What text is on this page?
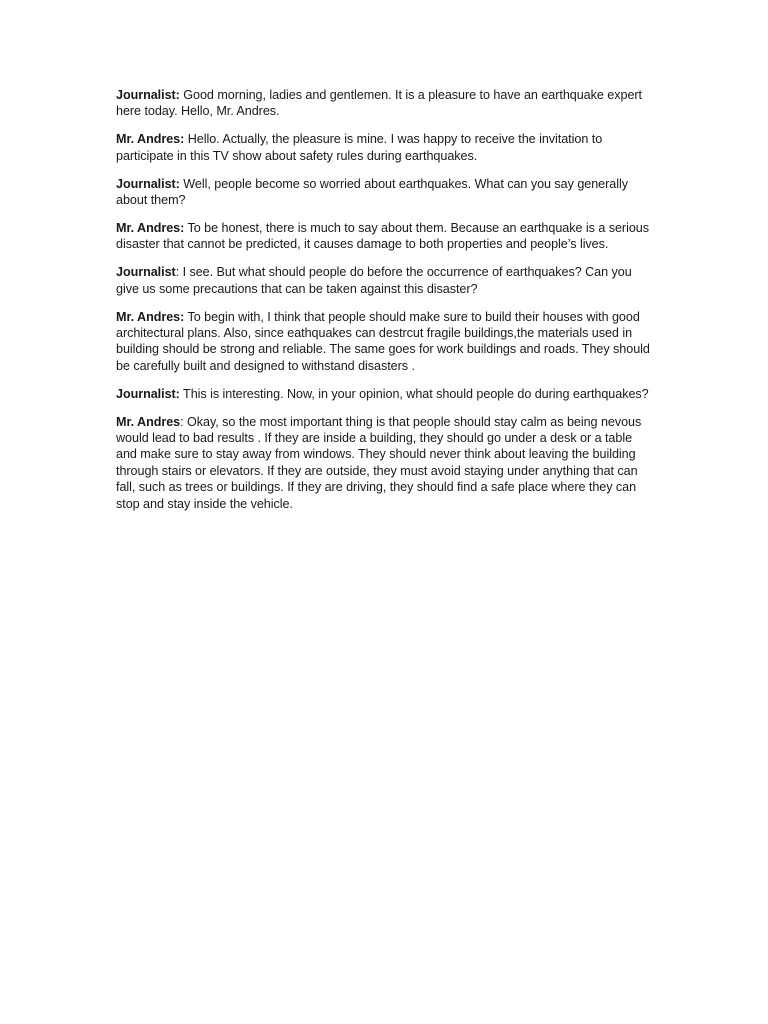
Journalist: Good morning, ladies and gentlemen. It is a pleasure to have an earthquake expert here today. Hello, Mr. Andres.

Mr. Andres: Hello. Actually, the pleasure is mine. I was happy to receive the invitation to participate in this TV show about safety rules during earthquakes.

Journalist: Well, people become so worried about earthquakes. What can you say generally about them?

Mr. Andres: To be honest, there is much to say about them. Because an earthquake is a serious disaster that cannot be predicted, it causes damage to both properties and people’s lives.

Journalist: I see. But what should people do before the occurrence of earthquakes? Can you give us some precautions that can be taken against this disaster?

Mr. Andres: To begin with, I think that people should make sure to build their houses with good architectural plans. Also, since eathquakes can destrcut fragile buildings,the materials used in building should be strong and reliable. The same goes for work buildings and roads. They should be carefully built and designed to withstand disasters .

Journalist: This is interesting. Now, in your opinion, what should people do during earthquakes?

Mr. Andres: Okay, so the most important thing is that people should stay calm as being nevous would lead to bad results . If they are inside a building, they should go under a desk or a table and make sure to stay away from windows. They should never think about leaving the building through stairs or elevators. If they are outside, they must avoid staying under anything that can fall, such as trees or buildings. If they are driving, they should find a safe place where they can stop and stay inside the vehicle.
